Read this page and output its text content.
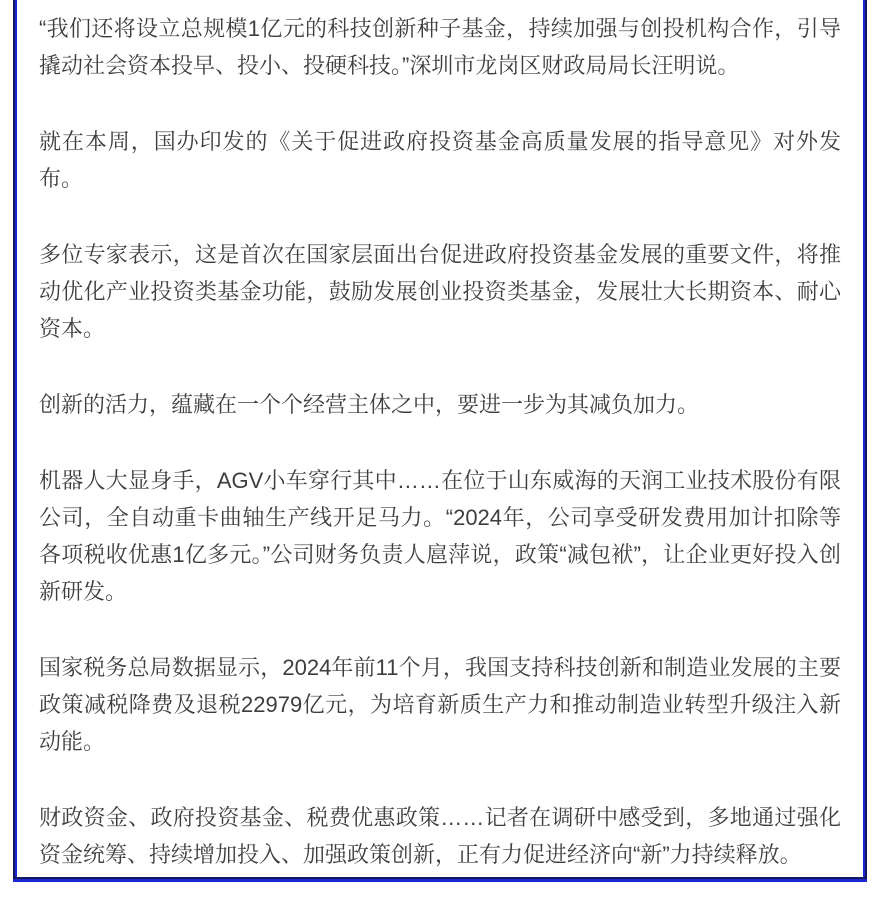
“我们还将设立总规模1亿元的科技创新种子基金，持续加强与创投机构合作，引导撬动社会资本投早、投小、投硬科技。”深圳市龙岗区财政局局长汪明说。

就在本周，国办印发的《关于促进政府投资基金高质量发展的指导意见》对外发布。

多位专家表示，这是首次在国家层面出台促进政府投资基金发展的重要文件，将推动优化产业投资类基金功能，鼓励发展创业投资类基金，发展壮大长期资本、耐心资本。

创新的活力，蕴藏在一个个经营主体之中，要进一步为其减负加力。

机器人大显身手，AGV小车穿行其中……在位于山东威海的天润工业技术股份有限公司，全自动重卡曲轴生产线开足马力。“2024年，公司享受研发费用加计扣除等各项税收优惠1亿多元。”公司财务负责人扈萍说，政策“减包袱”，让企业更好投入创新研发。

国家税务总局数据显示，2024年前11个月，我国支持科技创新和制造业发展的主要政策减税降费及退税22979亿元，为培育新质生产力和推动制造业转型升级注入新动能。

财政资金、政府投资基金、税费优惠政策……记者在调研中感受到，多地通过强化资金统筹、持续增加投入、加强政策创新，正有力促进经济向“新”力持续释放。
